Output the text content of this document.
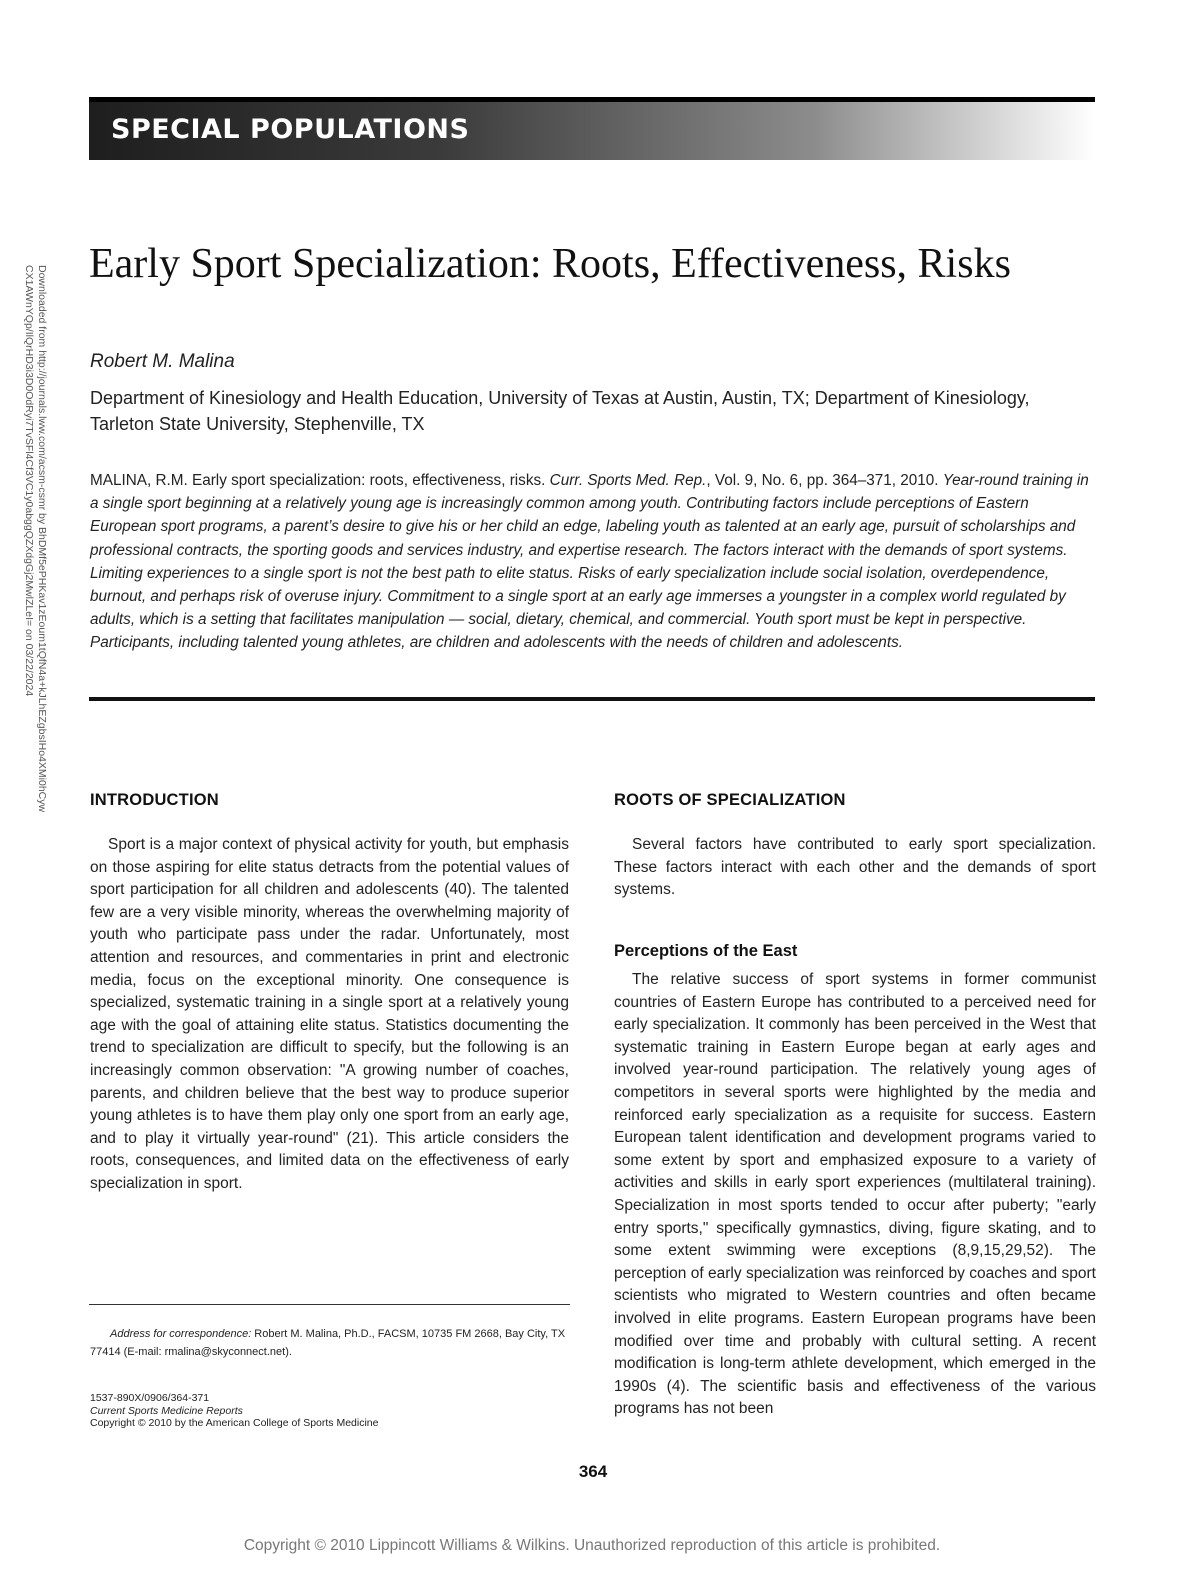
SPECIAL POPULATIONS
Downloaded from http://journals.lww.com/acsm-csmr by BhDMf5ePHKav1zEoum1tQfN4a+kJLhEZgbsIHo4XMi0hCyw
CX1AWnYQp/IlQrHD3i3D0OdRyi7TvSFl4Cf3VC1y0abggQZXdgGj2MwlZLeI= on 03/22/2024
Early Sport Specialization: Roots, Effectiveness, Risks
Robert M. Malina
Department of Kinesiology and Health Education, University of Texas at Austin, Austin, TX; Department of Kinesiology, Tarleton State University, Stephenville, TX
MALINA, R.M. Early sport specialization: roots, effectiveness, risks. Curr. Sports Med. Rep., Vol. 9, No. 6, pp. 364–371, 2010. Year-round training in a single sport beginning at a relatively young age is increasingly common among youth. Contributing factors include perceptions of Eastern European sport programs, a parent’s desire to give his or her child an edge, labeling youth as talented at an early age, pursuit of scholarships and professional contracts, the sporting goods and services industry, and expertise research. The factors interact with the demands of sport systems. Limiting experiences to a single sport is not the best path to elite status. Risks of early specialization include social isolation, overdependence, burnout, and perhaps risk of overuse injury. Commitment to a single sport at an early age immerses a youngster in a complex world regulated by adults, which is a setting that facilitates manipulation — social, dietary, chemical, and commercial. Youth sport must be kept in perspective. Participants, including talented young athletes, are children and adolescents with the needs of children and adolescents.
INTRODUCTION

Sport is a major context of physical activity for youth, but emphasis on those aspiring for elite status detracts from the potential values of sport participation for all children and adolescents (40). The talented few are a very visible minority, whereas the overwhelming majority of youth who participate pass under the radar. Unfortunately, most attention and resources, and commentaries in print and electronic media, focus on the exceptional minority. One consequence is specialized, systematic training in a single sport at a relatively young age with the goal of attaining elite status. Statistics documenting the trend to specialization are difficult to specify, but the following is an increasingly common observation: "A growing number of coaches, parents, and children believe that the best way to produce superior young athletes is to have them play only one sport from an early age, and to play it virtually year-round" (21). This article considers the roots, consequences, and limited data on the effectiveness of early specialization in sport.

ROOTS OF SPECIALIZATION

Several factors have contributed to early sport specialization. These factors interact with each other and the demands of sport systems.

Perceptions of the East

The relative success of sport systems in former communist countries of Eastern Europe has contributed to a perceived need for early specialization. It commonly has been perceived in the West that systematic training in Eastern Europe began at early ages and involved year-round participation. The relatively young ages of competitors in several sports were highlighted by the media and reinforced early specialization as a requisite for success. Eastern European talent identification and development programs varied to some extent by sport and emphasized exposure to a variety of activities and skills in early sport experiences (multilateral training). Specialization in most sports tended to occur after puberty; "early entry sports," specifically gymnastics, diving, figure skating, and to some extent swimming were exceptions (8,9,15,29,52). The perception of early specialization was reinforced by coaches and sport scientists who migrated to Western countries and often became involved in elite programs. Eastern European programs have been modified over time and probably with cultural setting. A recent modification is long-term athlete development, which emerged in the 1990s (4). The scientific basis and effectiveness of the various programs has not been

Address for correspondence: Robert M. Malina, Ph.D., FACSM, 10735 FM 2668, Bay City, TX 77414 (E-mail: rmalina@skyconnect.net).
1537-890X/0906/364-371
Current Sports Medicine Reports
Copyright © 2010 by the American College of Sports Medicine
364
Copyright © 2010 Lippincott Williams & Wilkins. Unauthorized reproduction of this article is prohibited.
